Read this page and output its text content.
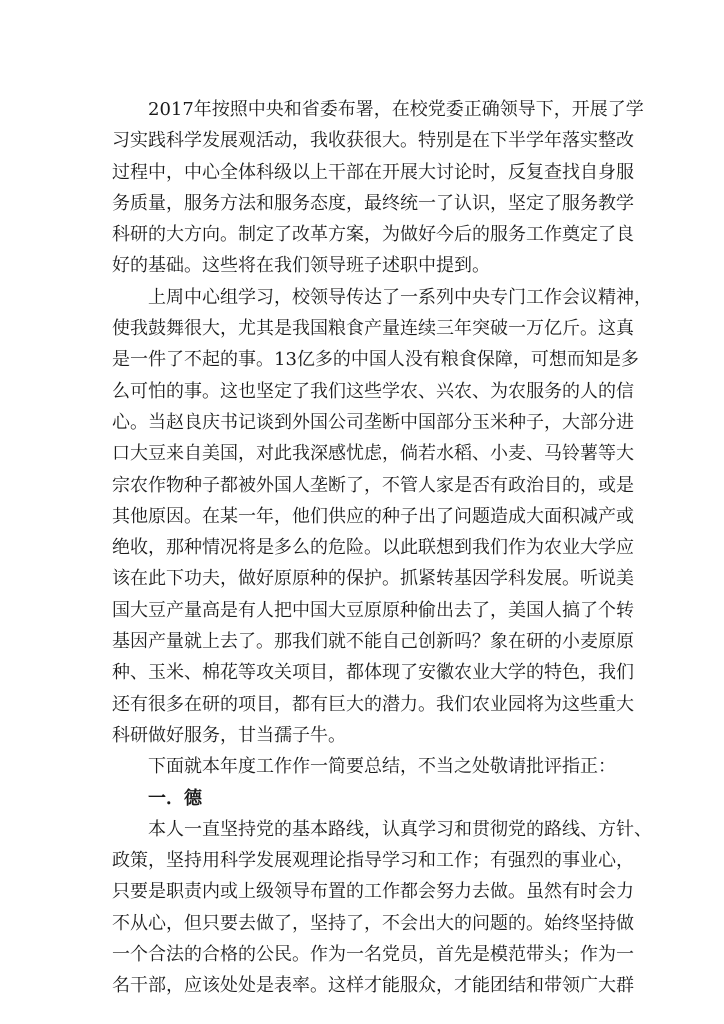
2017年按照中央和省委布署，在校党委正确领导下，开展了学
习实践科学发展观活动，我收获很大。特别是在下半学年落实整改
过程中，中心全体科级以上干部在开展大讨论时，反复查找自身服
务质量，服务方法和服务态度，最终统一了认识，坚定了服务教学
科研的大方向。制定了改革方案，为做好今后的服务工作奠定了良
好的基础。这些将在我们领导班子述职中提到。
上周中心组学习，校领导传达了一系列中央专门工作会议精神，
使我鼓舞很大，尤其是我国粮食产量连续三年突破一万亿斤。这真
是一件了不起的事。13亿多的中国人没有粮食保障，可想而知是多
么可怕的事。这也坚定了我们这些学农、兴农、为农服务的人的信
心。当赵良庆书记谈到外国公司垄断中国部分玉米种子，大部分进
口大豆来自美国，对此我深感忧虑，倘若水稻、小麦、马铃薯等大
宗农作物种子都被外国人垄断了，不管人家是否有政治目的，或是
其他原因。在某一年，他们供应的种子出了问题造成大面积减产或
绝收，那种情况将是多么的危险。以此联想到我们作为农业大学应
该在此下功夫，做好原原种的保护。抓紧转基因学科发展。听说美
国大豆产量高是有人把中国大豆原原种偷出去了，美国人搞了个转
基因产量就上去了。那我们就不能自己创新吗？象在研的小麦原原
种、玉米、棉花等攻关项目，都体现了安徽农业大学的特色，我们
还有很多在研的项目，都有巨大的潜力。我们农业园将为这些重大
科研做好服务，甘当孺子牛。
下面就本年度工作作一简要总结，不当之处敬请批评指正：
一．德
本人一直坚持党的基本路线，认真学习和贯彻党的路线、方针、
政策，坚持用科学发展观理论指导学习和工作；有强烈的事业心，
只要是职责内或上级领导布置的工作都会努力去做。虽然有时会力
不从心，但只要去做了，坚持了，不会出大的问题的。始终坚持做
一个合法的合格的公民。作为一名党员，首先是模范带头；作为一
名干部，应该处处是表率。这样才能服众，才能团结和带领广大群
